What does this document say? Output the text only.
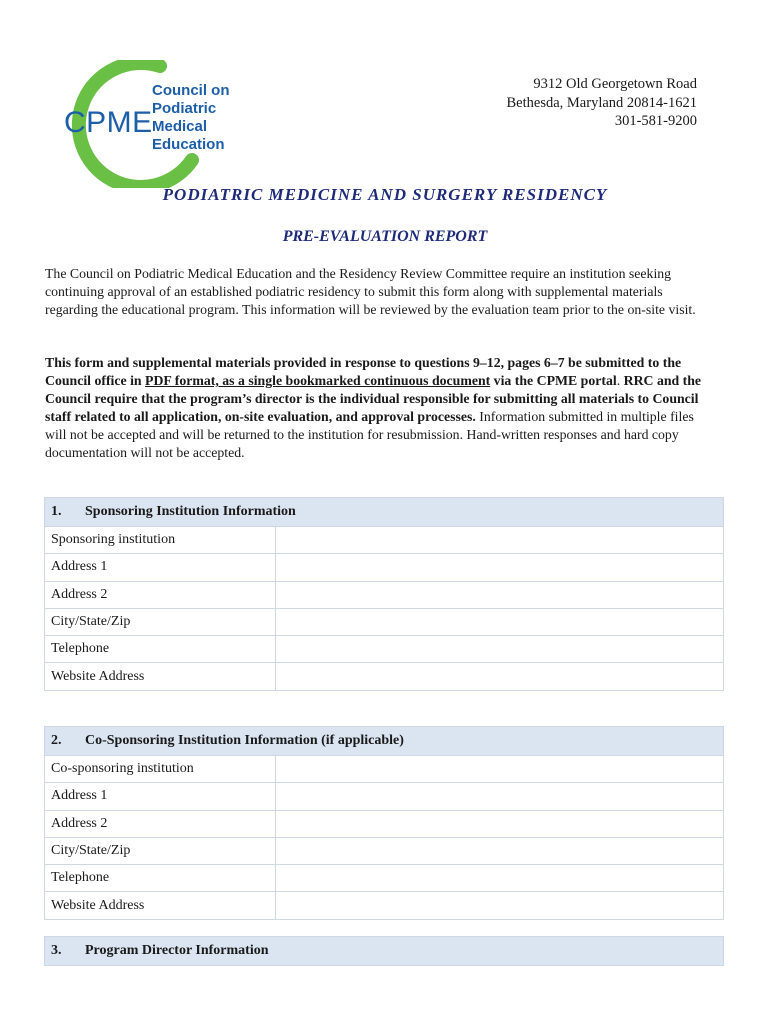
CPME
Council on
Podiatric Medical
Education
9312 Old Georgetown Road
Bethesda, Maryland 20814-1621
301-581-9200
PODIATRIC MEDICINE AND SURGERY RESIDENCY
PRE-EVALUATION REPORT

The Council on Podiatric Medical Education and the Residency Review Committee require an institution seeking continuing approval of an established podiatric residency to submit this form along with supplemental materials regarding the educational program. This information will be reviewed by the evaluation team prior to the on-site visit.

This form and supplemental materials provided in response to questions 9–12, pages 6–7 be submitted to the Council office in PDF format, as a single bookmarked continuous document via the CPME portal. RRC and the Council require that the program’s director is the individual responsible for submitting all materials to Council staff related to all application, on-site evaluation, and approval processes. Information submitted in multiple files will not be accepted and will be returned to the institution for resubmission. Hand-written responses and hard copy documentation will not be accepted.

1. Sponsoring Institution Information	
Sponsoring institution	
Address 1	
Address 2	
City/State/Zip	
Telephone	
Website Address	
2. Co-Sponsoring Institution Information (if applicable)	
Co-sponsoring institution	
Address 1	
Address 2	
City/State/Zip	
Telephone	
Website Address	
3. Program Director Information
